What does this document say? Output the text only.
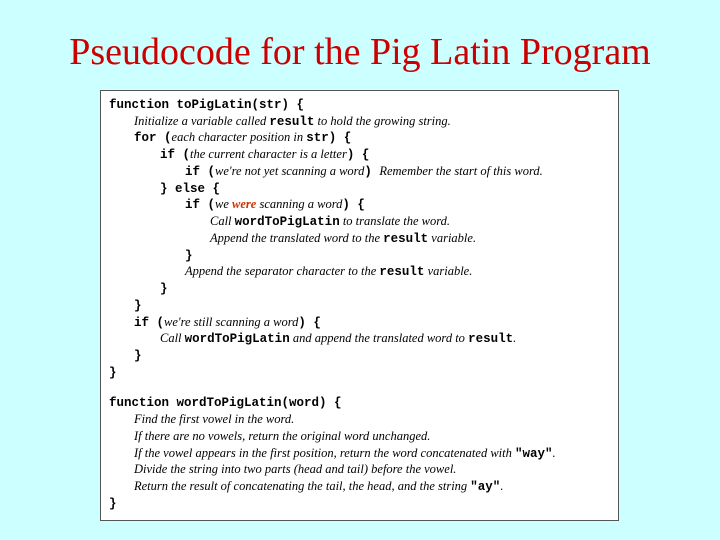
Pseudocode for the Pig Latin Program
function toPigLatin(str) {
Initialize a variable called result to hold the growing string.
for (each character position in str) {
if (the current character is a letter) {
if (we're not yet scanning a word) Remember the start of this word.
} else {
if (we were scanning a word) {
Call wordToPigLatin to translate the word.
Append the translated word to the result variable.
}
Append the separator character to the result variable.
}
}
if (we're still scanning a word) {
Call wordToPigLatin and append the translated word to result.
}
}
function wordToPigLatin(word) {
Find the first vowel in the word.
If there are no vowels, return the original word unchanged.
If the vowel appears in the first position, return the word concatenated with "way".
Divide the string into two parts (head and tail) before the vowel.
Return the result of concatenating the tail, the head, and the string "ay".
}
